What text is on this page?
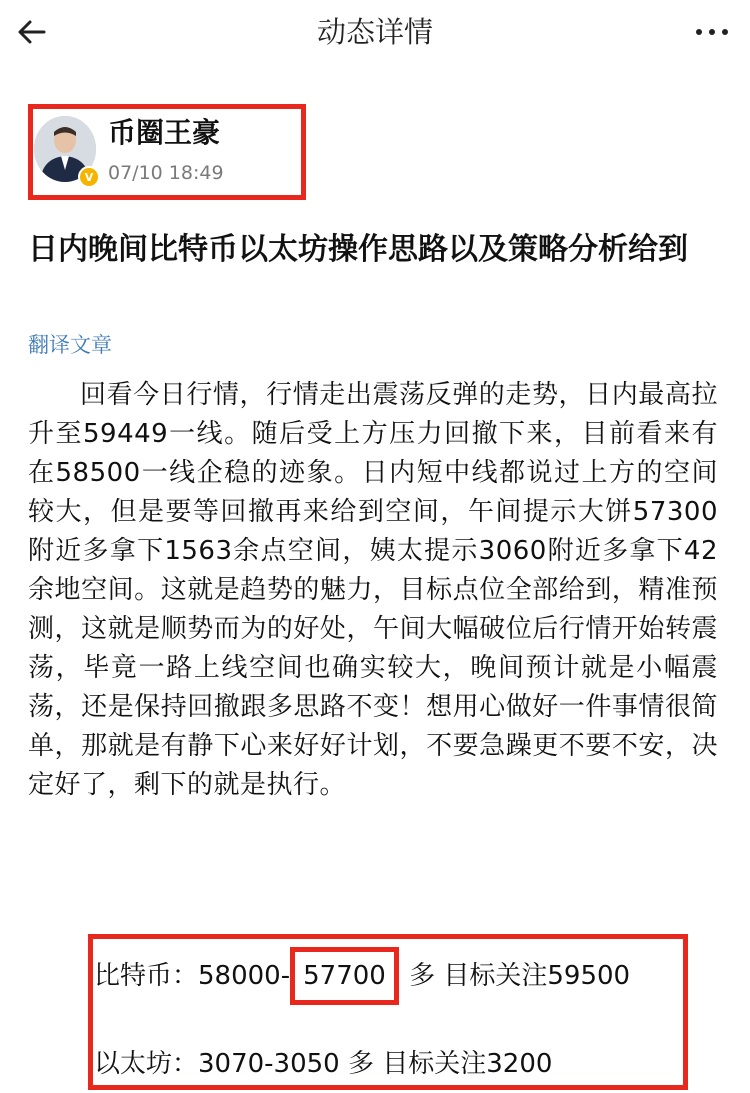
动态详情
V
币圈王豪
07/10 18:49
日内晚间比特币以太坊操作思路以及策略分析给到
翻译文章
回看今日行情，行情走出震荡反弹的走势，日内最高拉升至59449一线。随后受上方压力回撤下来，目前看来有在58500一线企稳的迹象。日内短中线都说过上方的空间较大，但是要等回撤再来给到空间，午间提示大饼57300附近多拿下1563余点空间，姨太提示3060附近多拿下42余地空间。这就是趋势的魅力，目标点位全部给到，精准预测，这就是顺势而为的好处，午间大幅破位后行情开始转震荡，毕竟一路上线空间也确实较大，晚间预计就是小幅震荡，还是保持回撤跟多思路不变！想用心做好一件事情很简单，那就是有静下心来好好计划，不要急躁更不要不安，决定好了，剩下的就是执行。
比特币：58000- 57700 多 目标关注59500
以太坊：3070-3050 多 目标关注3200
